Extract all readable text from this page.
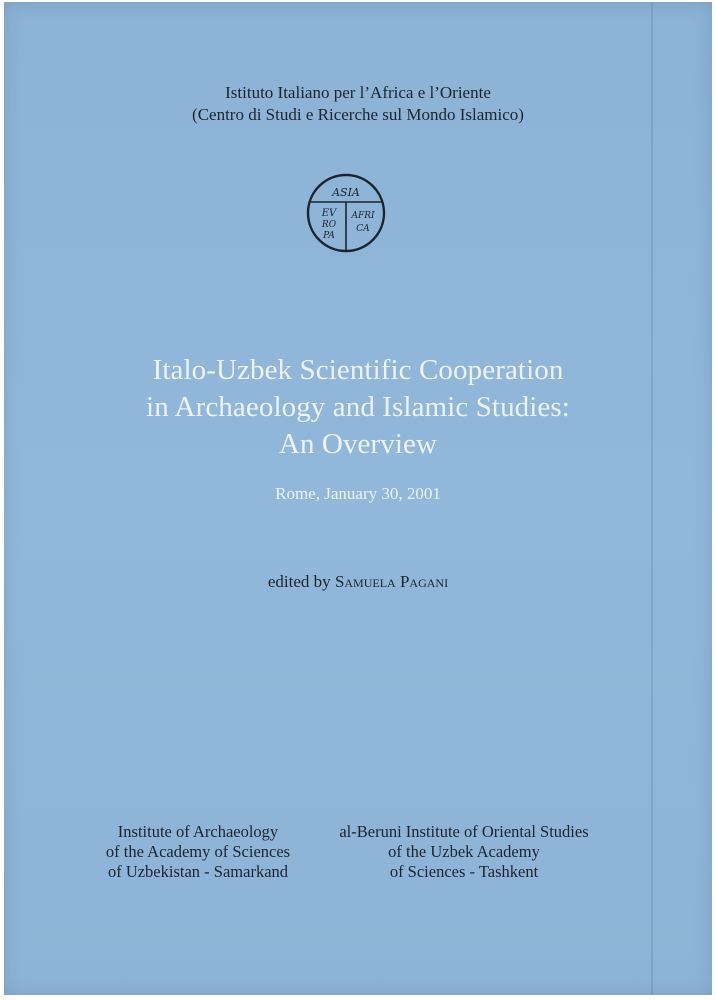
Istituto Italiano per l’Africa e l’Oriente
(Centro di Studi e Ricerche sul Mondo Islamico)
ASIA
EV
RO
PA
AFRI
CA
Italo-Uzbek Scientific Cooperation
in Archaeology and Islamic Studies:
An Overview
Rome, January 30, 2001
edited by Samuela Pagani
Institute of Archaeology
of the Academy of Sciences
of Uzbekistan - Samarkand
al-Beruni Institute of Oriental Studies
of the Uzbek Academy
of Sciences - Tashkent
